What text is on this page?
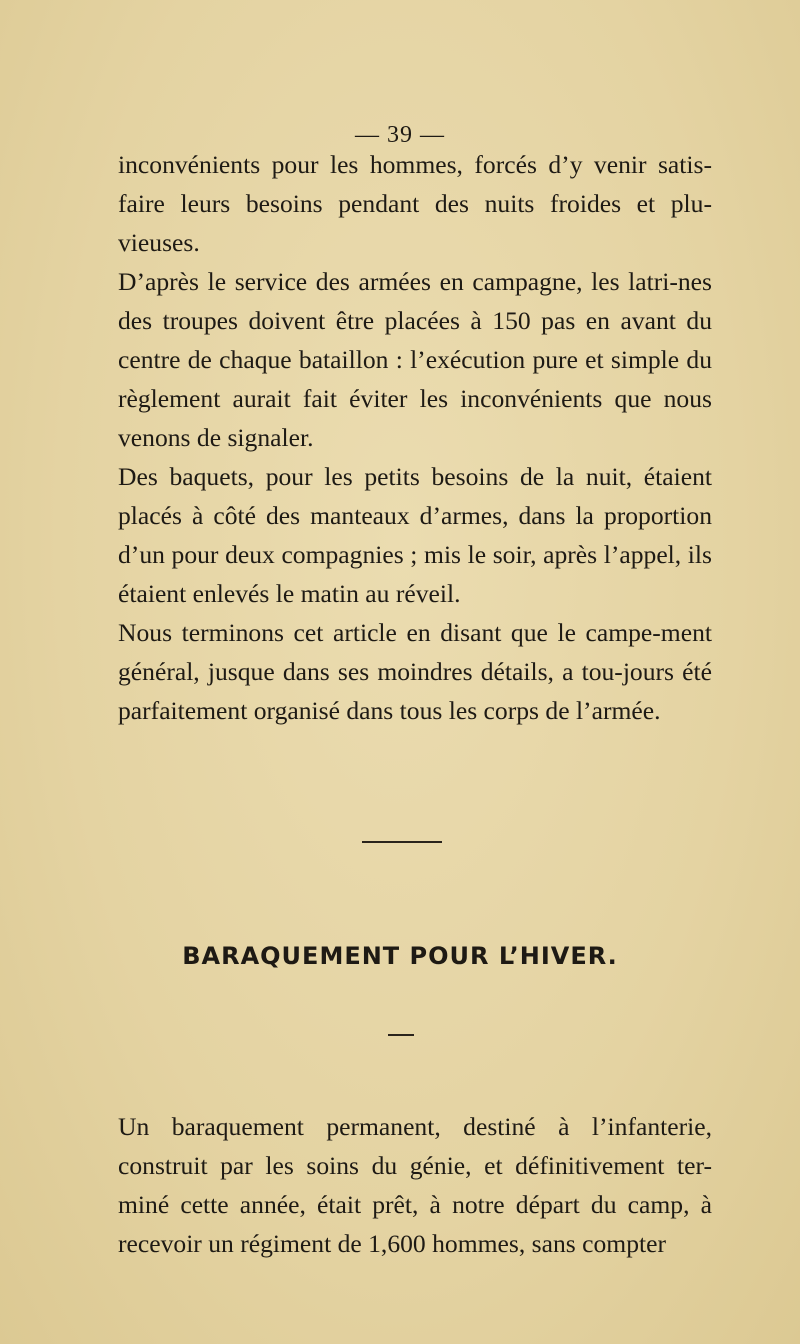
— 39 —

inconvénients pour les hommes, forcés d’y venir satis-faire leurs besoins pendant des nuits froides et plu-vieuses.

D’après le service des armées en campagne, les latri-nes des troupes doivent être placées à 150 pas en avant du centre de chaque bataillon : l’exécution pure et simple du règlement aurait fait éviter les inconvénients que nous venons de signaler.

Des baquets, pour les petits besoins de la nuit, étaient placés à côté des manteaux d’armes, dans la proportion d’un pour deux compagnies ; mis le soir, après l’appel, ils étaient enlevés le matin au réveil.

Nous terminons cet article en disant que le campe-ment général, jusque dans ses moindres détails, a tou-jours été parfaitement organisé dans tous les corps de l’armée.

BARAQUEMENT POUR L’HIVER.

Un baraquement permanent, destiné à l’infanterie, construit par les soins du génie, et définitivement ter-miné cette année, était prêt, à notre départ du camp, à recevoir un régiment de 1,600 hommes, sans compter
